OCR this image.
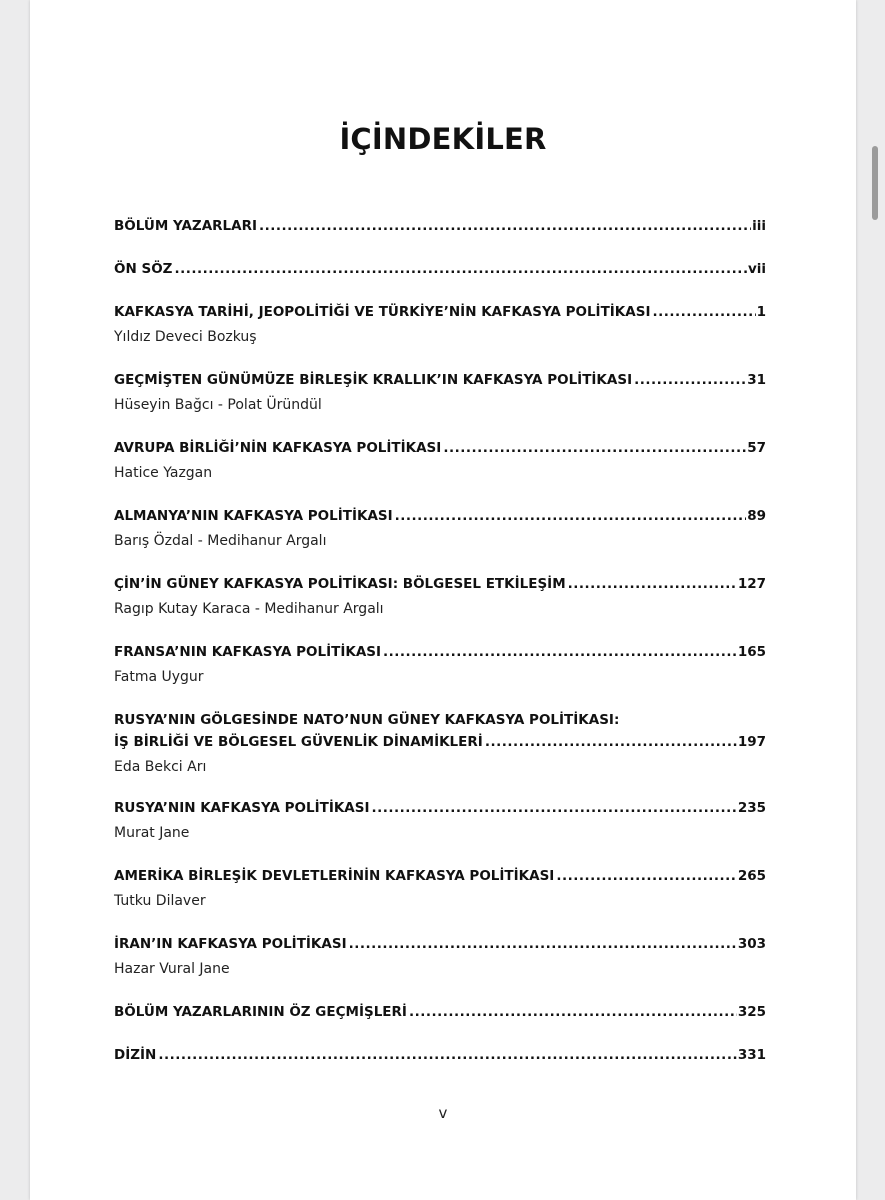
İÇİNDEKİLER
BÖLÜM YAZARLARI .....	iii
ÖN SÖZ .....	vii
KAFKASYA TARİHİ, JEOPOLİTİĞİ VE TÜRKİYE’NİN KAFKASYA POLİTİKASI .....	1
Yıldız Deveci Bozkuş
GEÇMİŞTEN GÜNÜMÜZE BİRLEŞİK KRALLIK’IN KAFKASYA POLİTİKASI .....	31
Hüseyin Bağcı - Polat Üründül
AVRUPA BİRLİĞİ’NİN KAFKASYA POLİTİKASI .....	57
Hatice Yazgan
ALMANYA’NIN KAFKASYA POLİTİKASI .....	89
Barış Özdal - Medihanur Argalı
ÇİN’İN GÜNEY KAFKASYA POLİTİKASI: BÖLGESEL ETKİLEŞİM .....	127
Ragıp Kutay Karaca - Medihanur Argalı
FRANSA’NIN KAFKASYA POLİTİKASI .....	165
Fatma Uygur
RUSYA’NIN GÖLGESİNDE NATO’NUN GÜNEY KAFKASYA POLİTİKASI:
İŞ BİRLİĞİ VE BÖLGESEL GÜVENLİK DİNAMİKLERİ .....	197
Eda Bekci Arı
RUSYA’NIN KAFKASYA POLİTİKASI .....	235
Murat Jane
AMERİKA BİRLEŞİK DEVLETLERİNİN KAFKASYA POLİTİKASI .....	265
Tutku Dilaver
İRAN’IN KAFKASYA POLİTİKASI .....	303
Hazar Vural Jane
BÖLÜM YAZARLARININ ÖZ GEÇMİŞLERİ .....	325
DİZİN .....	331
v
